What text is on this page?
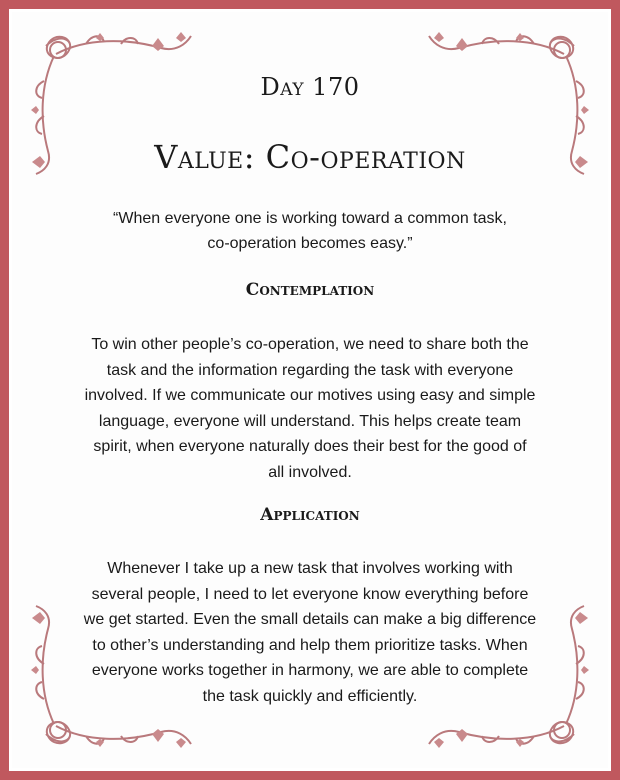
Day 170
Value: Co-operation
“When everyone one is working toward a common task,
co-operation becomes easy.”
Contemplation
To win other people’s co-operation, we need to share both the
task and the information regarding the task with everyone
involved. If we communicate our motives using easy and simple
language, everyone will understand. This helps create team
spirit, when everyone naturally does their best for the good of
all involved.
Application
Whenever I take up a new task that involves working with
several people, I need to let everyone know everything before
we get started. Even the small details can make a big difference
to other’s understanding and help them prioritize tasks. When
everyone works together in harmony, we are able to complete
the task quickly and efficiently.
